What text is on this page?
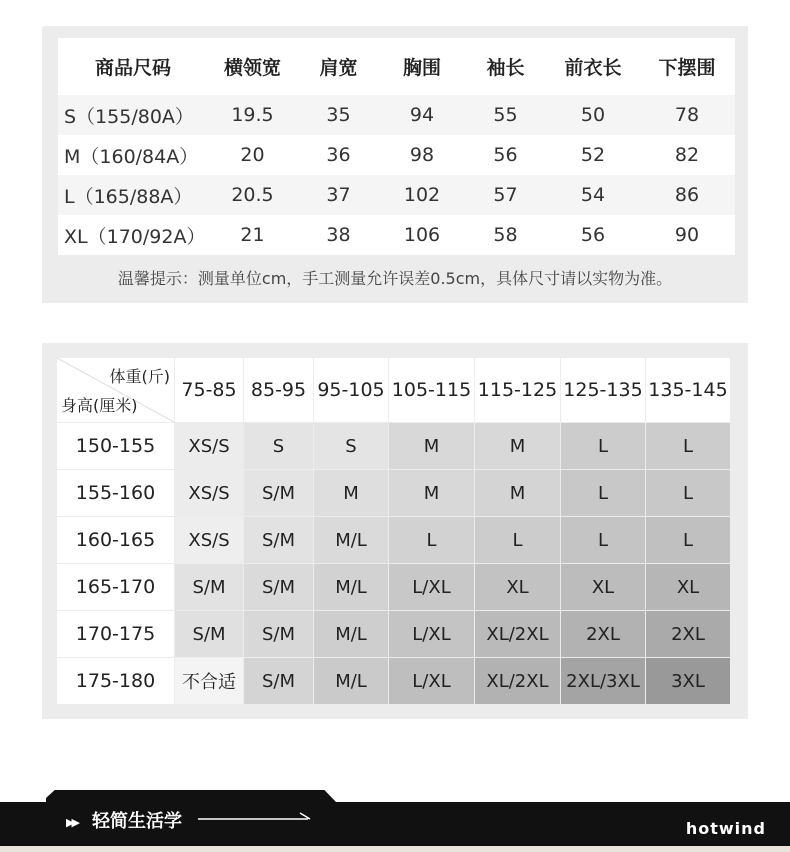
商品尺码	横领宽	肩宽	胸围	袖长	前衣长	下摆围
S（155/80A）	19.5	35	94	55	50	78
M（160/84A）	20	36	98	56	52	82
L（165/88A）	20.5	37	102	57	54	86
XL（170/92A）	21	38	106	58	56	90
温馨提示：测量单位cm，手工测量允许误差0.5cm，具体尺寸请以实物为准。
体重(斤)
身高(厘米)	75-85	85-95	95-105	105-115	115-125	125-135	135-145
150-155	XS/S	S	S	M	M	L	L
155-160	XS/S	S/M	M	M	M	L	L
160-165	XS/S	S/M	M/L	L	L	L	L
165-170	S/M	S/M	M/L	L/XL	XL	XL	XL
170-175	S/M	S/M	M/L	L/XL	XL/2XL	2XL	2XL
175-180	不合适	S/M	M/L	L/XL	XL/2XL	2XL/3XL	3XL
▶▶ 轻简生活学	hotwind
